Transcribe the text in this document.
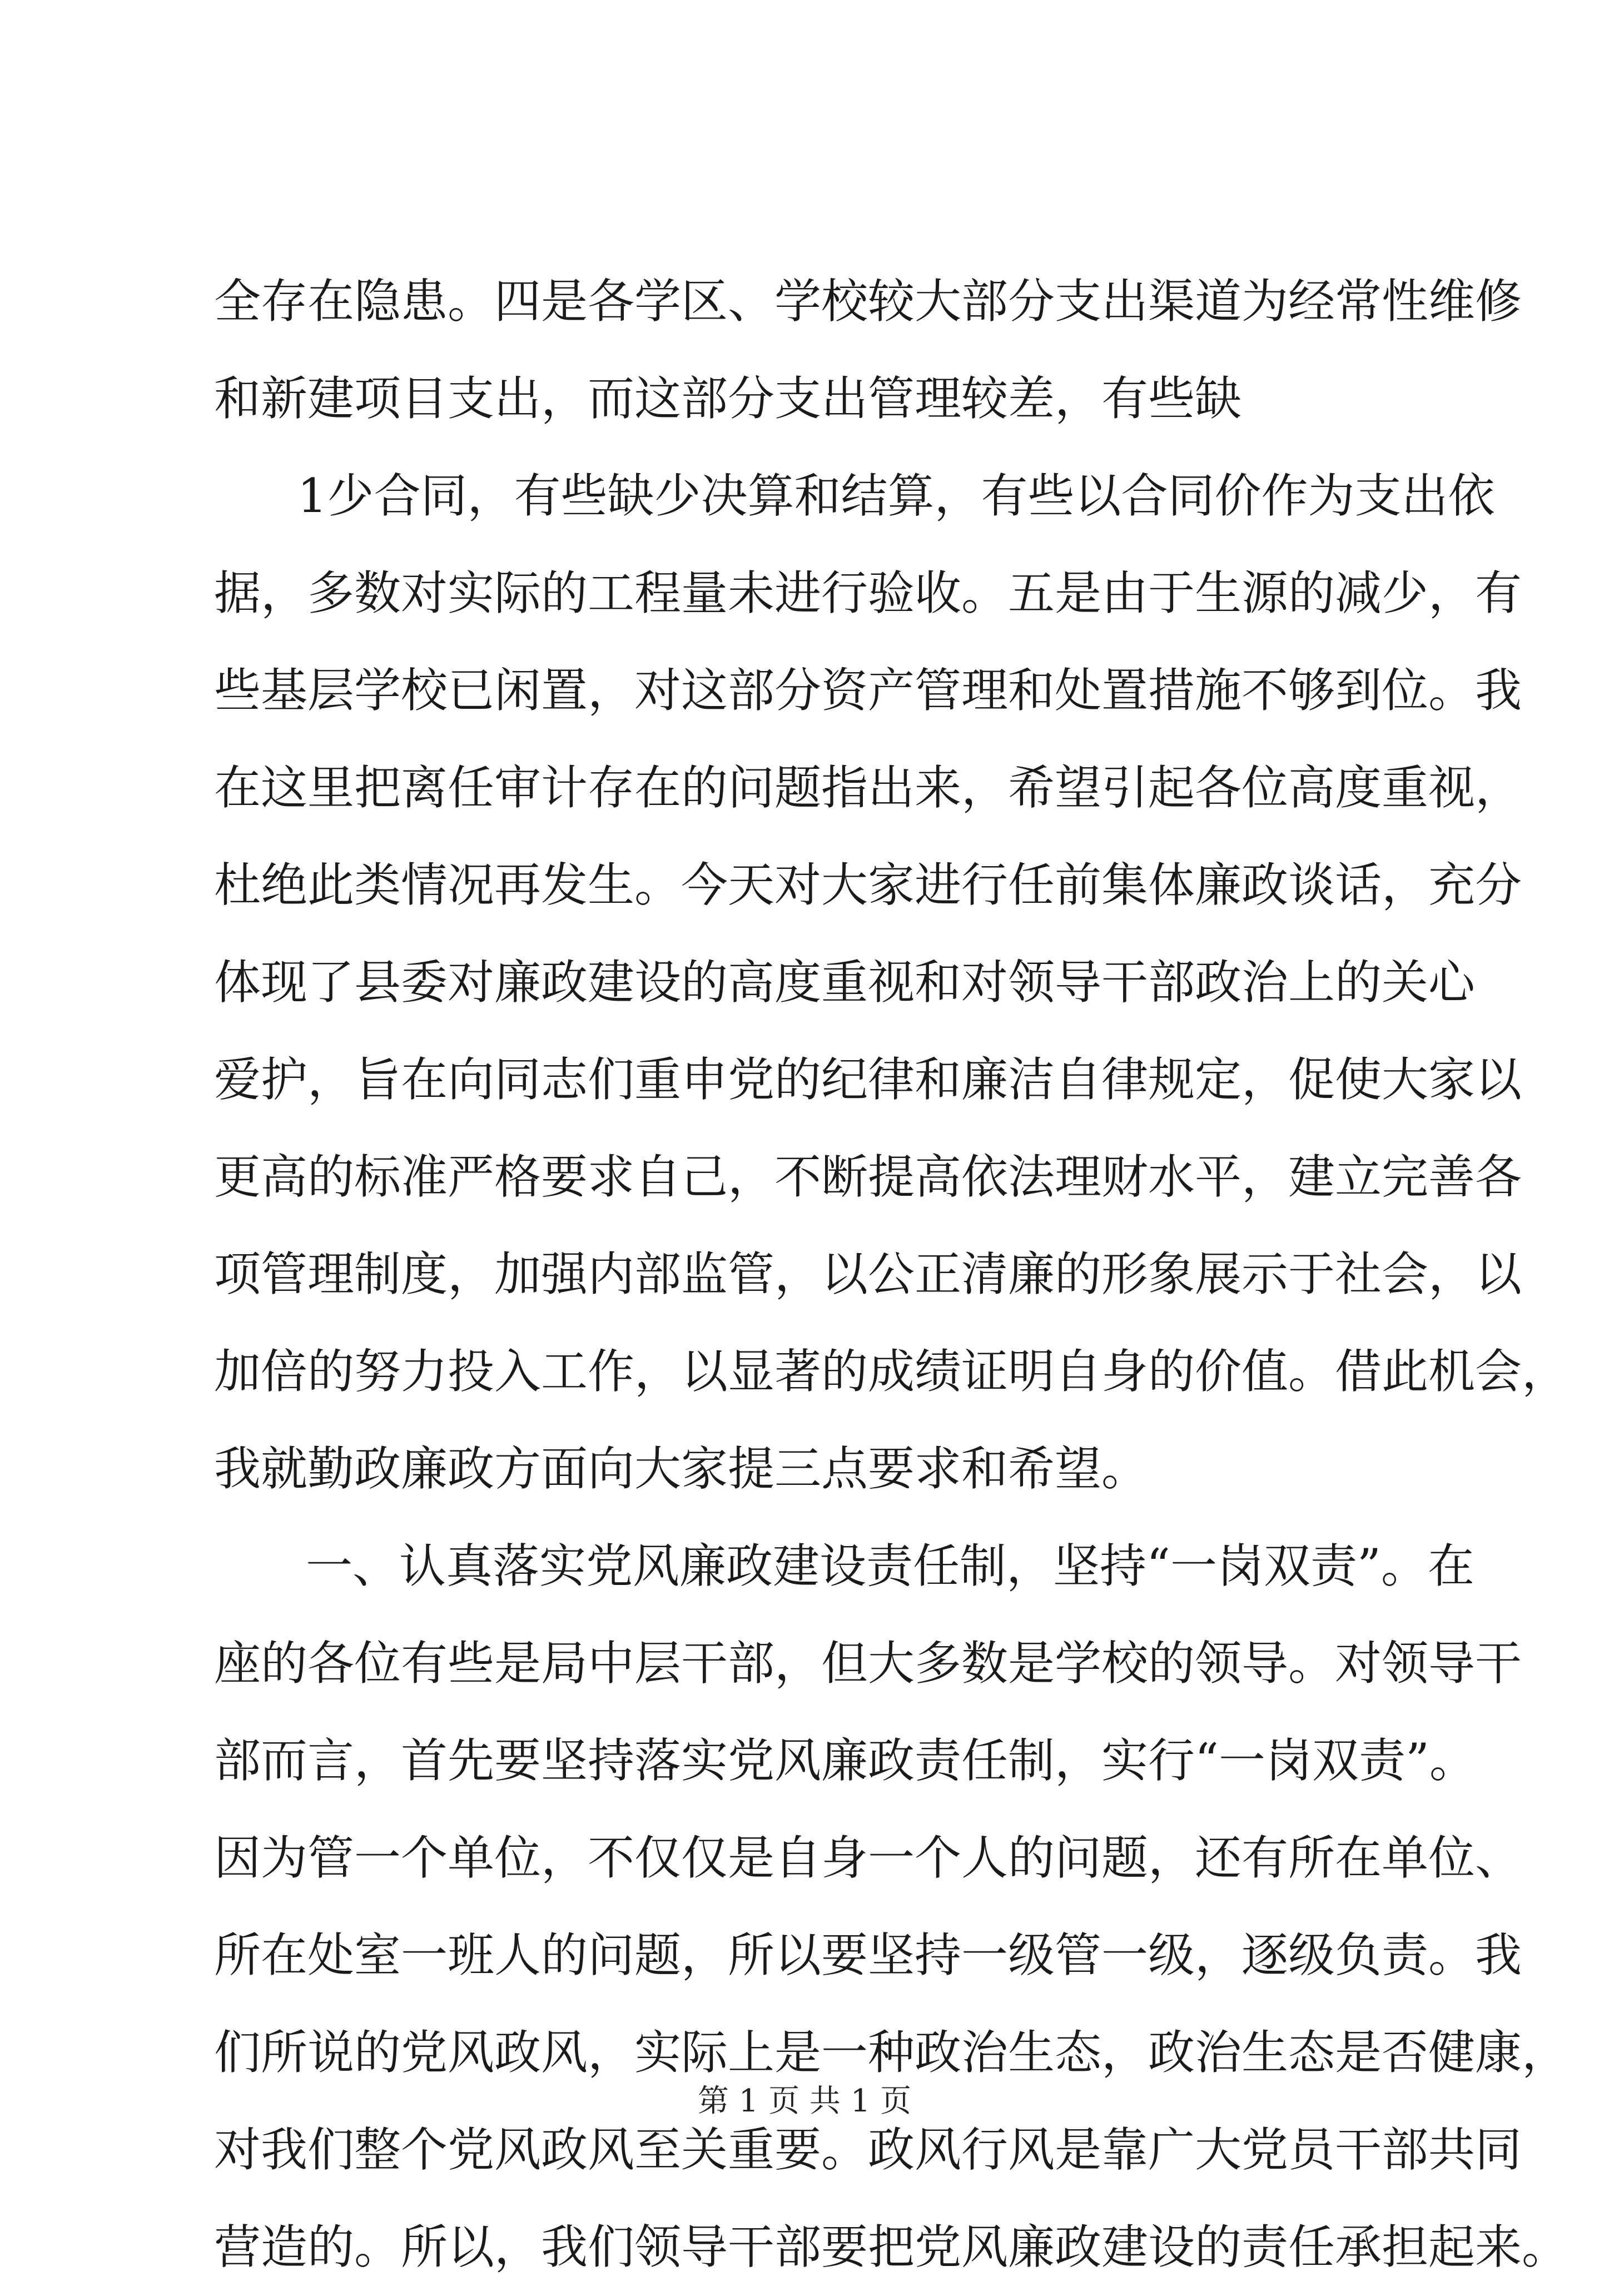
全存在隐患。四是各学区、学校较大部分支出渠道为经常性维修
和新建项目支出，而这部分支出管理较差，有些缺
1少合同，有些缺少决算和结算，有些以合同价作为支出依
据，多数对实际的工程量未进行验收。五是由于生源的减少，有
些基层学校已闲置，对这部分资产管理和处置措施不够到位。我
在这里把离任审计存在的问题指出来，希望引起各位高度重视，
杜绝此类情况再发生。今天对大家进行任前集体廉政谈话，充分
体现了县委对廉政建设的高度重视和对领导干部政治上的关心
爱护，旨在向同志们重申党的纪律和廉洁自律规定，促使大家以
更高的标准严格要求自己，不断提高依法理财水平，建立完善各
项管理制度，加强内部监管，以公正清廉的形象展示于社会，以
加倍的努力投入工作，以显著的成绩证明自身的价值。借此机会，
我就勤政廉政方面向大家提三点要求和希望。
一、认真落实党风廉政建设责任制，坚持“一岗双责”。在
座的各位有些是局中层干部，但大多数是学校的领导。对领导干
部而言，首先要坚持落实党风廉政责任制，实行“一岗双责”。
因为管一个单位，不仅仅是自身一个人的问题，还有所在单位、
所在处室一班人的问题，所以要坚持一级管一级，逐级负责。我
们所说的党风政风，实际上是一种政治生态，政治生态是否健康，
对我们整个党风政风至关重要。政风行风是靠广大党员干部共同
营造的。所以，我们领导干部要把党风廉政建设的责任承担起来。
第 1 页 共 1 页
